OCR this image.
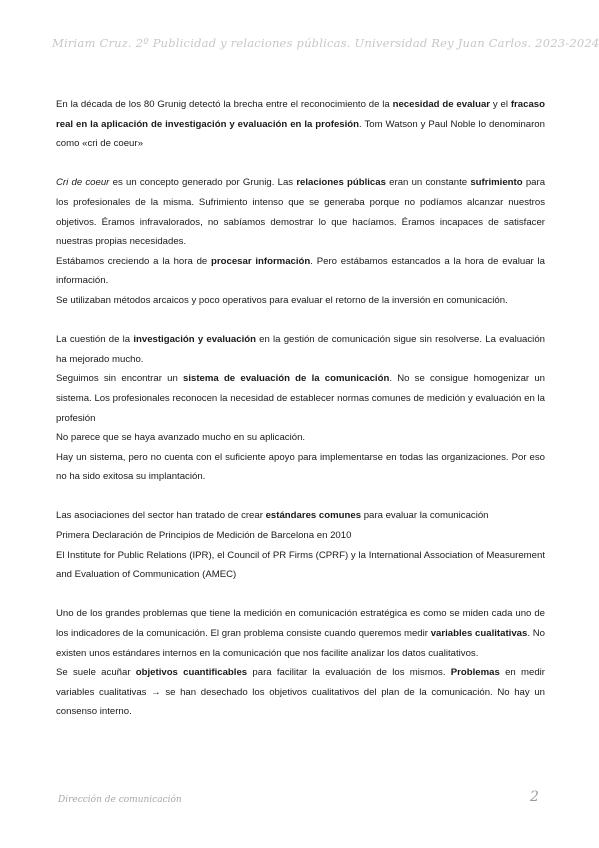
Miriam Cruz. 2º Publicidad y relaciones públicas. Universidad Rey Juan Carlos. 2023-2024

En la década de los 80 Grunig detectó la brecha entre el reconocimiento de la necesidad de evaluar y el fracaso real en la aplicación de investigación y evaluación en la profesión. Tom Watson y Paul Noble lo denominaron como «cri de coeur»

Cri de coeur es un concepto generado por Grunig. Las relaciones públicas eran un constante sufrimiento para los profesionales de la misma. Sufrimiento intenso que se generaba porque no podíamos alcanzar nuestros objetivos. Éramos infravalorados, no sabíamos demostrar lo que hacíamos. Éramos incapaces de satisfacer nuestras propias necesidades.

Estábamos creciendo a la hora de procesar información. Pero estábamos estancados a la hora de evaluar la información.

Se utilizaban métodos arcaicos y poco operativos para evaluar el retorno de la inversión en comunicación.

La cuestión de la investigación y evaluación en la gestión de comunicación sigue sin resolverse. La evaluación ha mejorado mucho.

Seguimos sin encontrar un sistema de evaluación de la comunicación. No se consigue homogenizar un sistema. Los profesionales reconocen la necesidad de establecer normas comunes de medición y evaluación en la profesión

No parece que se haya avanzado mucho en su aplicación.

Hay un sistema, pero no cuenta con el suficiente apoyo para implementarse en todas las organizaciones. Por eso no ha sido exitosa su implantación.

Las asociaciones del sector han tratado de crear estándares comunes para evaluar la comunicación

Primera Declaración de Principios de Medición de Barcelona en 2010

El Institute for Public Relations (IPR), el Council of PR Firms (CPRF) y la International Association of Measurement and Evaluation of Communication (AMEC)

Uno de los grandes problemas que tiene la medición en comunicación estratégica es como se miden cada uno de los indicadores de la comunicación. El gran problema consiste cuando queremos medir variables cualitativas. No existen unos estándares internos en la comunicación que nos facilite analizar los datos cualitativos.

Se suele acuñar objetivos cuantificables para facilitar la evaluación de los mismos. Problemas en medir variables cualitativas → se han desechado los objetivos cualitativos del plan de la comunicación. No hay un consenso interno.

Dirección de comunicación	2
